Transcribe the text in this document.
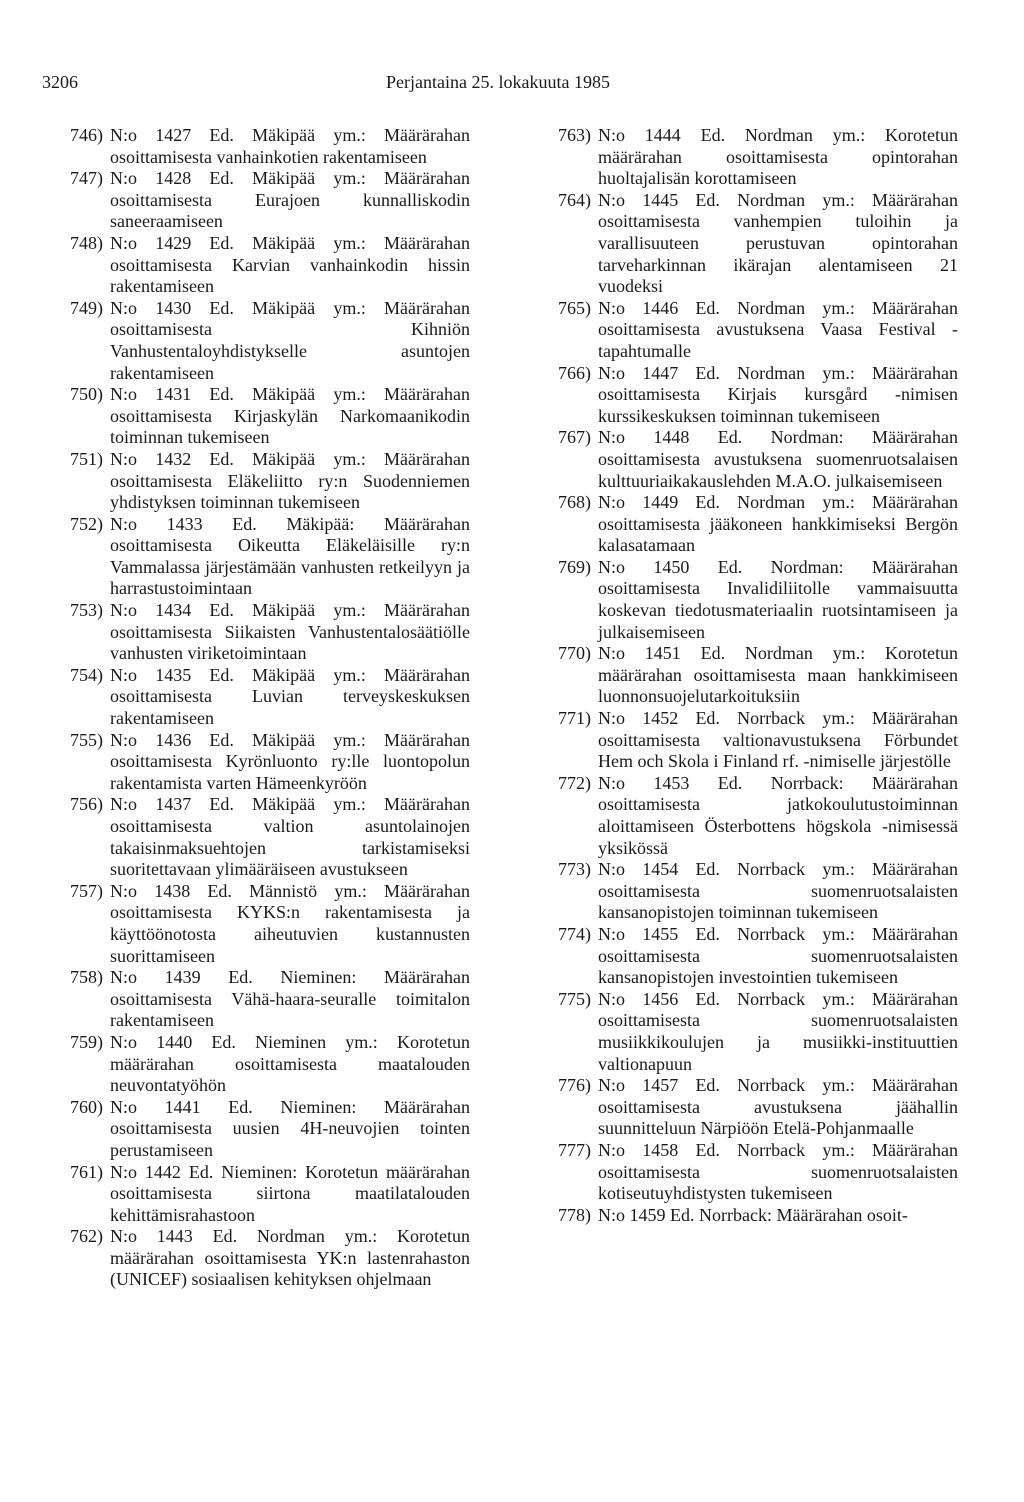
3206	Perjantaina 25. lokakuuta 1985
746) N:o 1427 Ed. Mäkipää ym.: Määrärahan osoittamisesta vanhainkotien rakentamiseen
747) N:o 1428 Ed. Mäkipää ym.: Määrärahan osoittamisesta Eurajoen kunnalliskodin saneeraamiseen
748) N:o 1429 Ed. Mäkipää ym.: Määrärahan osoittamisesta Karvian vanhainkodin hissin rakentamiseen
749) N:o 1430 Ed. Mäkipää ym.: Määrärahan osoittamisesta Kihniön Vanhustentaloyhdistykselle asuntojen rakentamiseen
750) N:o 1431 Ed. Mäkipää ym.: Määrärahan osoittamisesta Kirjaskylän Narkomaanikodin toiminnan tukemiseen
751) N:o 1432 Ed. Mäkipää ym.: Määrärahan osoittamisesta Eläkeliitto ry:n Suodenniemen yhdistyksen toiminnan tukemiseen
752) N:o 1433 Ed. Mäkipää: Määrärahan osoittamisesta Oikeutta Eläkeläisille ry:n Vammalassa järjestämään vanhusten retkeilyyn ja harrastustoimintaan
753) N:o 1434 Ed. Mäkipää ym.: Määrärahan osoittamisesta Siikaisten Vanhustentalosäätiölle vanhusten viriketoimintaan
754) N:o 1435 Ed. Mäkipää ym.: Määrärahan osoittamisesta Luvian terveyskeskuksen rakentamiseen
755) N:o 1436 Ed. Mäkipää ym.: Määrärahan osoittamisesta Kyrönluonto ry:lle luontopolun rakentamista varten Hämeenkyröön
756) N:o 1437 Ed. Mäkipää ym.: Määrärahan osoittamisesta valtion asuntolainojen takaisinmaksuehtojen tarkistamiseksi suoritettavaan ylimääräiseen avustukseen
757) N:o 1438 Ed. Männistö ym.: Määrärahan osoittamisesta KYKS:n rakentamisesta ja käyttöönotosta aiheutuvien kustannusten suorittamiseen
758) N:o 1439 Ed. Nieminen: Määrärahan osoittamisesta Vähä-haara-seuralle toimitalon rakentamiseen
759) N:o 1440 Ed. Nieminen ym.: Korotetun määrärahan osoittamisesta maatalouden neuvontatyöhön
760) N:o 1441 Ed. Nieminen: Määrärahan osoittamisesta uusien 4H-neuvojien tointen perustamiseen
761) N:o 1442 Ed. Nieminen: Korotetun määrärahan osoittamisesta siirtona maatilatalouden kehittämisrahastoon
762) N:o 1443 Ed. Nordman ym.: Korotetun määrärahan osoittamisesta YK:n lastenrahaston (UNICEF) sosiaalisen kehityksen ohjelmaan
763) N:o 1444 Ed. Nordman ym.: Korotetun määrärahan osoittamisesta opintorahan huoltajalisän korottamiseen
764) N:o 1445 Ed. Nordman ym.: Määrärahan osoittamisesta vanhempien tuloihin ja varallisuuteen perustuvan opintorahan tarveharkinnan ikärajan alentamiseen 21 vuodeksi
765) N:o 1446 Ed. Nordman ym.: Määrärahan osoittamisesta avustuksena Vaasa Festival -tapahtumalle
766) N:o 1447 Ed. Nordman ym.: Määrärahan osoittamisesta Kirjais kursgård -nimisen kurssikeskuksen toiminnan tukemiseen
767) N:o 1448 Ed. Nordman: Määrärahan osoittamisesta avustuksena suomenruotsalaisen kulttuuriaikakauslehden M.A.O. julkaisemiseen
768) N:o 1449 Ed. Nordman ym.: Määrärahan osoittamisesta jääkoneen hankkimiseksi Bergön kalasatamaan
769) N:o 1450 Ed. Nordman: Määrärahan osoittamisesta Invalidiliitolle vammaisuutta koskevan tiedotusmateriaalin ruotsintamiseen ja julkaisemiseen
770) N:o 1451 Ed. Nordman ym.: Korotetun määrärahan osoittamisesta maan hankkimiseen luonnonsuojelutarkoituksiin
771) N:o 1452 Ed. Norrback ym.: Määrärahan osoittamisesta valtionavustuksena Förbundet Hem och Skola i Finland rf. -nimiselle järjestölle
772) N:o 1453 Ed. Norrback: Määrärahan osoittamisesta jatkokoulutustoiminnan aloittamiseen Österbottens högskola -nimisessä yksikössä
773) N:o 1454 Ed. Norrback ym.: Määrärahan osoittamisesta suomenruotsalaisten kansanopistojen toiminnan tukemiseen
774) N:o 1455 Ed. Norrback ym.: Määrärahan osoittamisesta suomenruotsalaisten kansanopistojen investointien tukemiseen
775) N:o 1456 Ed. Norrback ym.: Määrärahan osoittamisesta suomenruotsalaisten musiikkikoulujen ja musiikki-instituuttien valtionapuun
776) N:o 1457 Ed. Norrback ym.: Määrärahan osoittamisesta avustuksena jäähallin suunnitteluun Närpiöön Etelä-Pohjanmaalle
777) N:o 1458 Ed. Norrback ym.: Määrärahan osoittamisesta suomenruotsalaisten kotiseutuyhdistysten tukemiseen
778) N:o 1459 Ed. Norrback: Määrärahan osoit-
